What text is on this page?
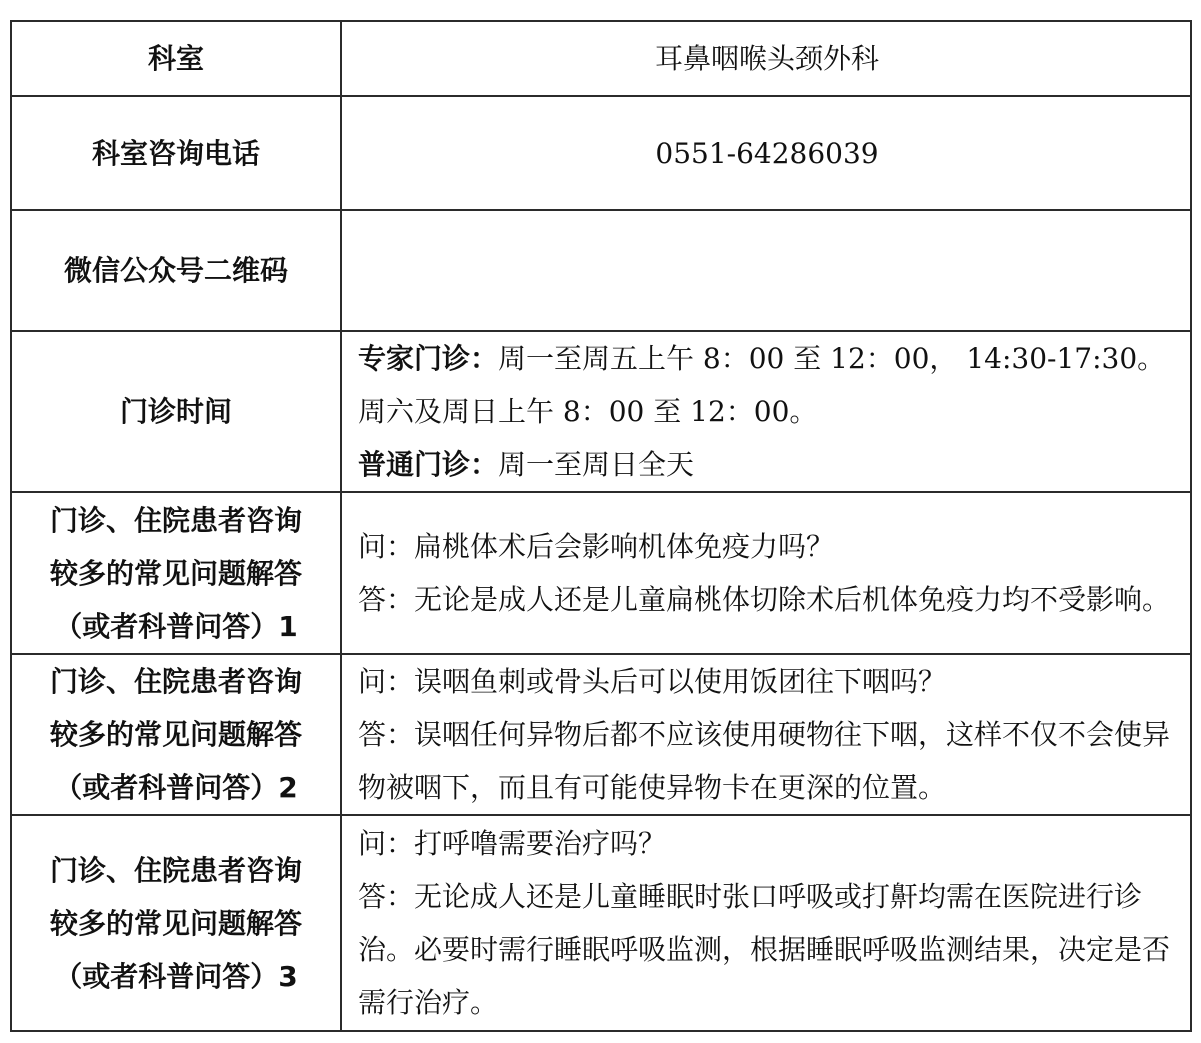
科室	耳鼻咽喉头颈外科
科室咨询电话	0551-64286039
微信公众号二维码	
门诊时间	专家门诊：周一至周五上午 8：00 至 12：00， 14:30-17:30。
周六及周日上午 8：00 至 12：00。
普通门诊：周一至周日全天

门诊、住院患者咨询
较多的常见问题解答
（或者科普问答）1	问：扁桃体术后会影响机体免疫力吗？
答：无论是成人还是儿童扁桃体切除术后机体免疫力均不受影响。

门诊、住院患者咨询
较多的常见问题解答
（或者科普问答）2	问：误咽鱼刺或骨头后可以使用饭团往下咽吗？
答：误咽任何异物后都不应该使用硬物往下咽，这样不仅不会使异物被咽下，而且有可能使异物卡在更深的位置。

门诊、住院患者咨询
较多的常见问题解答
（或者科普问答）3	问：打呼噜需要治疗吗？
答：无论成人还是儿童睡眠时张口呼吸或打鼾均需在医院进行诊治。必要时需行睡眠呼吸监测，根据睡眠呼吸监测结果，决定是否需行治疗。
